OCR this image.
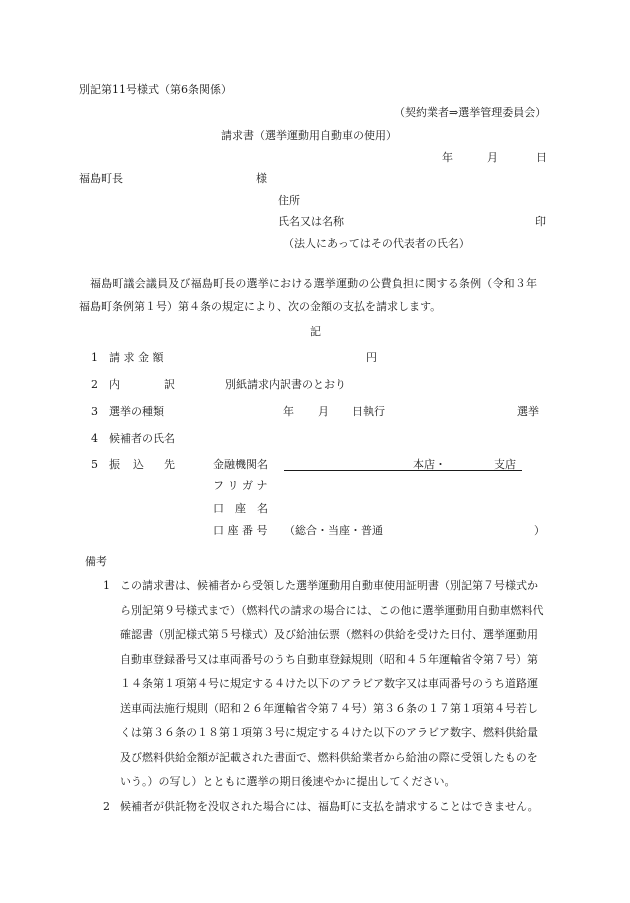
別記第11号様式（第6条関係）
（契約業者⇒選挙管理委員会）
請求書（選挙運動用自動車の使用）
年	月	日
福島町長	様
住所
氏名又は名称	印
（法人にあってはその代表者の氏名）
福島町議会議員及び福島町長の選挙における選挙運動の公費負担に関する条例（令和３年福島町条例第１号）第４条の規定により、次の金額の支払を請求します。
記
1 請 求 金 額	円
2 内	訳	別紙請求内訳書のとおり
3 選挙の種類	年 月 日執行	選挙
4 候補者の氏名
5 振 込 先	金融機関名	本店・	支店
フ リ ガ ナ
口　座　名
口 座 番 号 （総合・当座・普通	）
備考
1 この請求書は、候補者から受領した選挙運動用自動車使用証明書（別記第７号様式から別記第９号様式まで）（燃料代の請求の場合には、この他に選挙運動用自動車燃料代確認書（別記様式第５号様式）及び給油伝票（燃料の供給を受けた日付、選挙運動用自動車登録番号又は車両番号のうち自動車登録規則（昭和４５年運輸省令第７号）第１４条第１項第４号に規定する４けた以下のアラビア数字又は車両番号のうち道路運送車両法施行規則（昭和２６年運輸省令第７４号）第３６条の１７第１項第４号若しくは第３６条の１８第１項第３号に規定する４けた以下のアラビア数字、燃料供給量及び燃料供給金額が記載された書面で、燃料供給業者から給油の際に受領したものをいう。）の写し）とともに選挙の期日後速やかに提出してください。
2 候補者が供託物を没収された場合には、福島町に支払を請求することはできません。
